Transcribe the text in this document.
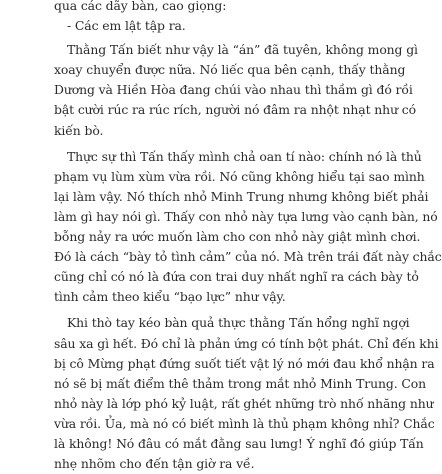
qua các dãy bàn, cao giọng:

- Các em lật tập ra.

Thằng Tấn biết như vậy là “án” đã tuyên, không mong gì
xoay chuyển được nữa. Nó liếc qua bên cạnh, thấy thằng
Dương và Hiền Hòa đang chúi vào nhau thì thầm gì đó rồi
bật cười rúc ra rúc rích, người nó đâm ra nhột nhạt như có
kiến bò.

Thực sự thì Tấn thấy mình chả oan tí nào: chính nó là thủ
phạm vụ lùm xùm vừa rồi. Nó cũng không hiểu tại sao mình
lại làm vậy. Nó thích nhỏ Minh Trung nhưng không biết phải
làm gì hay nói gì. Thấy con nhỏ này tựa lưng vào cạnh bàn, nó
bỗng nảy ra ước muốn làm cho con nhỏ này giật mình chơi.
Đó là cách “bày tỏ tình cảm” của nó. Mà trên trái đất này chắc
cũng chỉ có nó là đứa con trai duy nhất nghĩ ra cách bày tỏ
tình cảm theo kiểu “bạo lực” như vậy.

Khi thò tay kéo bàn quả thực thằng Tấn hổng nghĩ ngợi
sâu xa gì hết. Đó chỉ là phản ứng có tính bột phát. Chỉ đến khi
bị cô Mừng phạt đứng suốt tiết vật lý nó mới đau khổ nhận ra
nó sẽ bị mất điểm thê thảm trong mắt nhỏ Minh Trung. Con
nhỏ này là lớp phó kỷ luật, rất ghét những trò nhố nhăng như
vừa rồi. Ủa, mà nó có biết mình là thủ phạm không nhỉ? Chắc
là không! Nó đâu có mắt đằng sau lưng! Ý nghĩ đó giúp Tấn
nhẹ nhõm cho đến tận giờ ra về.
